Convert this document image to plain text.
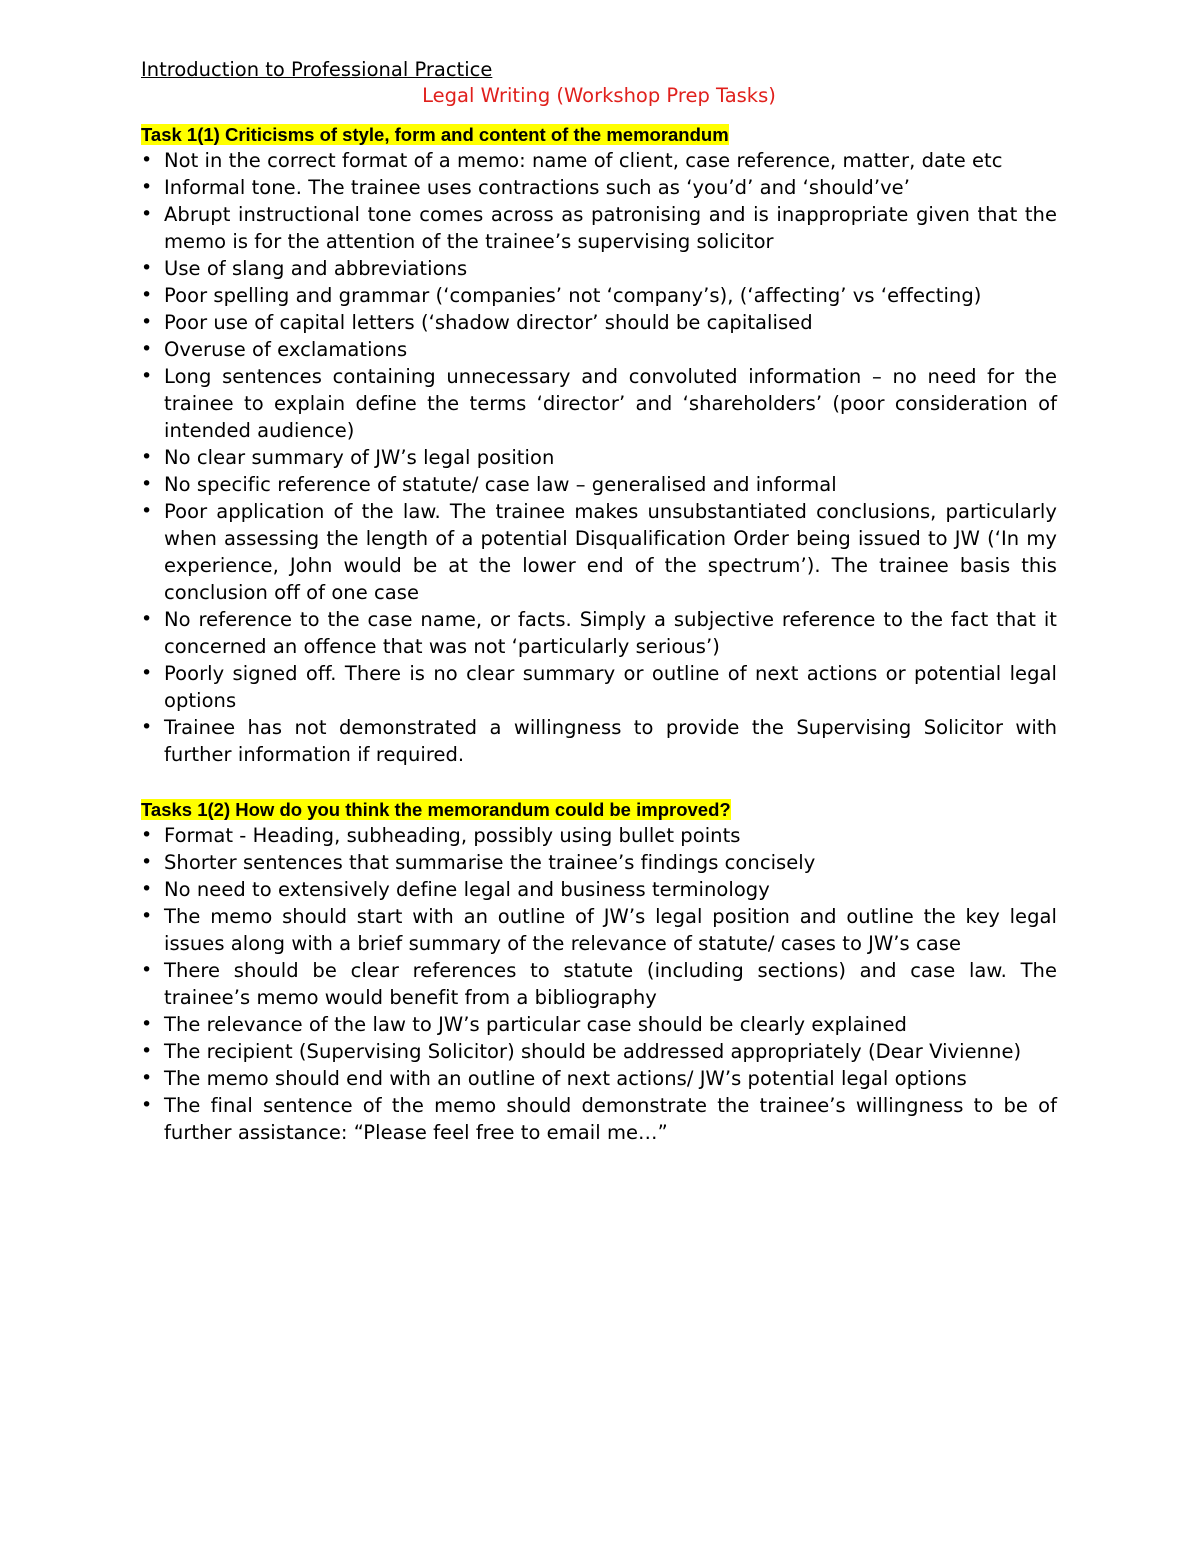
Introduction to Professional Practice

Legal Writing (Workshop Prep Tasks)

Task 1(1) Criticisms of style, form and content of the memorandum

• Not in the correct format of a memo: name of client, case reference, matter, date etc
• Informal tone. The trainee uses contractions such as ‘you’d’ and ‘should’ve’
• Abrupt instructional tone comes across as patronising and is inappropriate given that the memo is for the attention of the trainee’s supervising solicitor
• Use of slang and abbreviations
• Poor spelling and grammar (‘companies’ not ‘company’s), (‘affecting’ vs ‘effecting)
• Poor use of capital letters (‘shadow director’ should be capitalised
• Overuse of exclamations
• Long sentences containing unnecessary and convoluted information – no need for the trainee to explain define the terms ‘director’ and ‘shareholders’ (poor consideration of intended audience)
• No clear summary of JW’s legal position
• No specific reference of statute/ case law – generalised and informal
• Poor application of the law. The trainee makes unsubstantiated conclusions, particularly when assessing the length of a potential Disqualification Order being issued to JW (‘In my experience, John would be at the lower end of the spectrum’). The trainee basis this conclusion off of one case
• No reference to the case name, or facts. Simply a subjective reference to the fact that it concerned an offence that was not ‘particularly serious’)
• Poorly signed off. There is no clear summary or outline of next actions or potential legal options
• Trainee has not demonstrated a willingness to provide the Supervising Solicitor with further information if required.

Tasks 1(2) How do you think the memorandum could be improved?

• Format - Heading, subheading, possibly using bullet points
• Shorter sentences that summarise the trainee’s findings concisely
• No need to extensively define legal and business terminology
• The memo should start with an outline of JW’s legal position and outline the key legal issues along with a brief summary of the relevance of statute/ cases to JW’s case
• There should be clear references to statute (including sections) and case law. The trainee’s memo would benefit from a bibliography
• The relevance of the law to JW’s particular case should be clearly explained
• The recipient (Supervising Solicitor) should be addressed appropriately (Dear Vivienne)
• The memo should end with an outline of next actions/ JW’s potential legal options
• The final sentence of the memo should demonstrate the trainee’s willingness to be of further assistance: “Please feel free to email me…”
